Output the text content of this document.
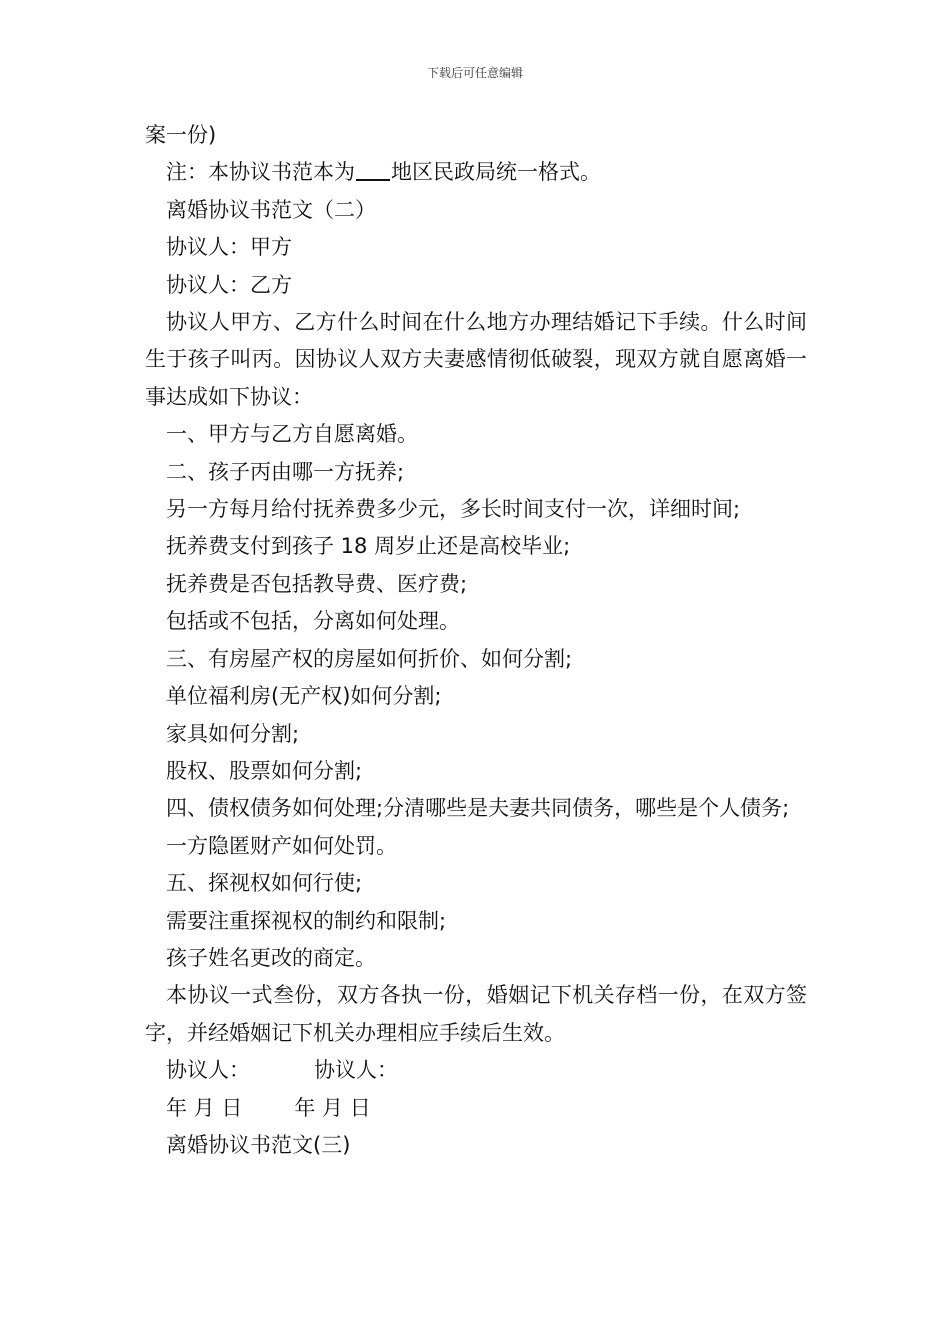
下载后可任意编辑

案一份)

注：本协议书范本为 地区民政局统一格式。

离婚协议书范文（二）

协议人：甲方

协议人：乙方

协议人甲方、乙方什么时间在什么地方办理结婚记下手续。什么时间生于孩子叫丙。因协议人双方夫妻感情彻低破裂，现双方就自愿离婚一事达成如下协议：

一、甲方与乙方自愿离婚。

二、孩子丙由哪一方抚养;

另一方每月给付抚养费多少元，多长时间支付一次，详细时间;

抚养费支付到孩子 18 周岁止还是高校毕业;

抚养费是否包括教导费、医疗费;

包括或不包括，分离如何处理。

三、有房屋产权的房屋如何折价、如何分割;

单位福利房(无产权)如何分割;

家具如何分割;

股权、股票如何分割;

四、债权债务如何处理;分清哪些是夫妻共同债务，哪些是个人债务;

一方隐匿财产如何处罚。

五、探视权如何行使;

需要注重探视权的制约和限制;

孩子姓名更改的商定。

本协议一式叁份，双方各执一份，婚姻记下机关存档一份，在双方签字，并经婚姻记下机关办理相应手续后生效。

协议人：	协议人：

年 月 日 年 月 日

离婚协议书范文(三)
